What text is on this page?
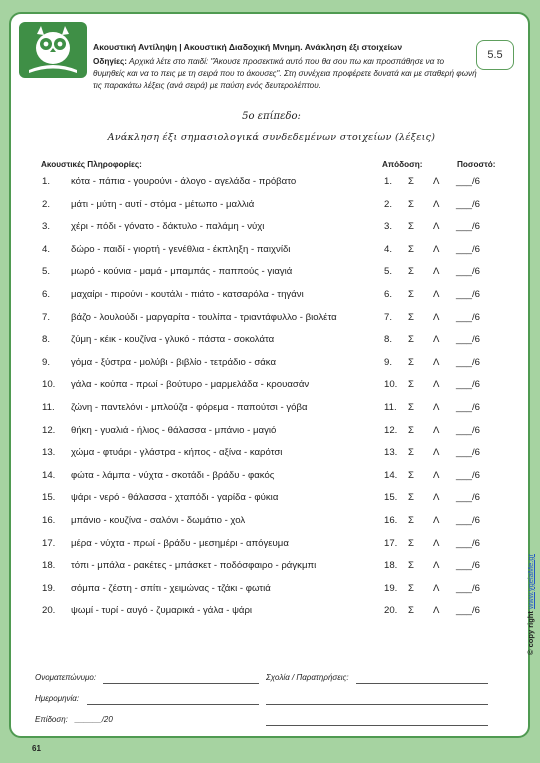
5.5
Ακουστική Αντίληψη | Ακουστική Διαδοχική Μνημη. Ανάκληση έξι στοιχείων
Οδηγίες: Αρχικά λέτε στο παιδί: "Άκουσε προσεκτικά αυτό που θα σου πω και προσπάθησε να το θυμηθείς και να το πεις με τη σειρά που το άκουσες". Στη συνέχεια προφέρετε δυνατά και με σταθερή φωνή τις παρακάτω λέξεις (ανά σειρά) με παύση ενός δευτερολέπτου.
5ο επίπεδο:
Ανάκληση έξι σημασιολογικά συνδεδεμένων στοιχείων (λέξεις)
Ακουστικές Πληροφορίες:	Απόδοση:	Ποσοστό:
1. κότα - πάπια - γουρούνι - άλογο - αγελάδα - πρόβατο	1. Σ Λ ___/6
2. μάτι - μύτη - αυτί - στόμα - μέτωπο - μαλλιά	2. Σ Λ ___/6
3. χέρι - πόδι - γόνατο - δάκτυλο - παλάμη - νύχι	3. Σ Λ ___/6
4. δώρο - παιδί - γιορτή - γενέθλια - έκπληξη - παιχνίδι	4. Σ Λ ___/6
5. μωρό - κούνια - μαμά - μπαμπάς - παππούς - γιαγιά	5. Σ Λ ___/6
6. μαχαίρι - πιρούνι - κουτάλι - πιάτο - κατσαρόλα - τηγάνι	6. Σ Λ ___/6
7. βάζο - λουλούδι - μαργαρίτα - τουλίπα - τριαντάφυλλο - βιολέτα	7. Σ Λ ___/6
8. ζύμη - κέικ - κουζίνα - γλυκό - πάστα - σοκολάτα	8. Σ Λ ___/6
9. γόμα - ξύστρα - μολύβι - βιβλίο - τετράδιο - σάκα	9. Σ Λ ___/6
10. γάλα - κούπα - πρωί - βούτυρο - μαρμελάδα - κρουασάν	10. Σ Λ ___/6
11. ζώνη - παντελόνι - μπλούζα - φόρεμα - παπούτσι - γόβα	11. Σ Λ ___/6
12. θήκη - γυαλιά - ήλιος - θάλασσα - μπάνιο - μαγιό	12. Σ Λ ___/6
13. χώμα - φτυάρι - γλάστρα - κήπος - αξίνα - καρότσι	13. Σ Λ ___/6
14. φώτα - λάμπα - νύχτα - σκοτάδι - βράδυ - φακός	14. Σ Λ ___/6
15. ψάρι - νερό - θάλασσα - χταπόδι - γαρίδα - φύκια	15. Σ Λ ___/6
16. μπάνιο - κουζίνα - σαλόνι - δωμάτιο - χολ	16. Σ Λ ___/6
17. μέρα - νύχτα - πρωί - βράδυ - μεσημέρι - απόγευμα	17. Σ Λ ___/6
18. τόπι - μπάλα - ρακέτες - μπάσκετ - ποδόσφαιρο - ράγκμπι	18. Σ Λ ___/6
19. σόμπα - ζέστη - σπίτι - χειμώνας - τζάκι - φωτιά	19. Σ Λ ___/6
20. ψωμί - τυρί - αυγό - ζυμαρικά - γάλα - ψάρι	20. Σ Λ ___/6	© copy right www.ygeiaMe.gr
Ονοματεπώνυμο:	Σχολία / Παρατηρήσεις:
Ημερομηνία:
Επίδοση: ______/20
61
